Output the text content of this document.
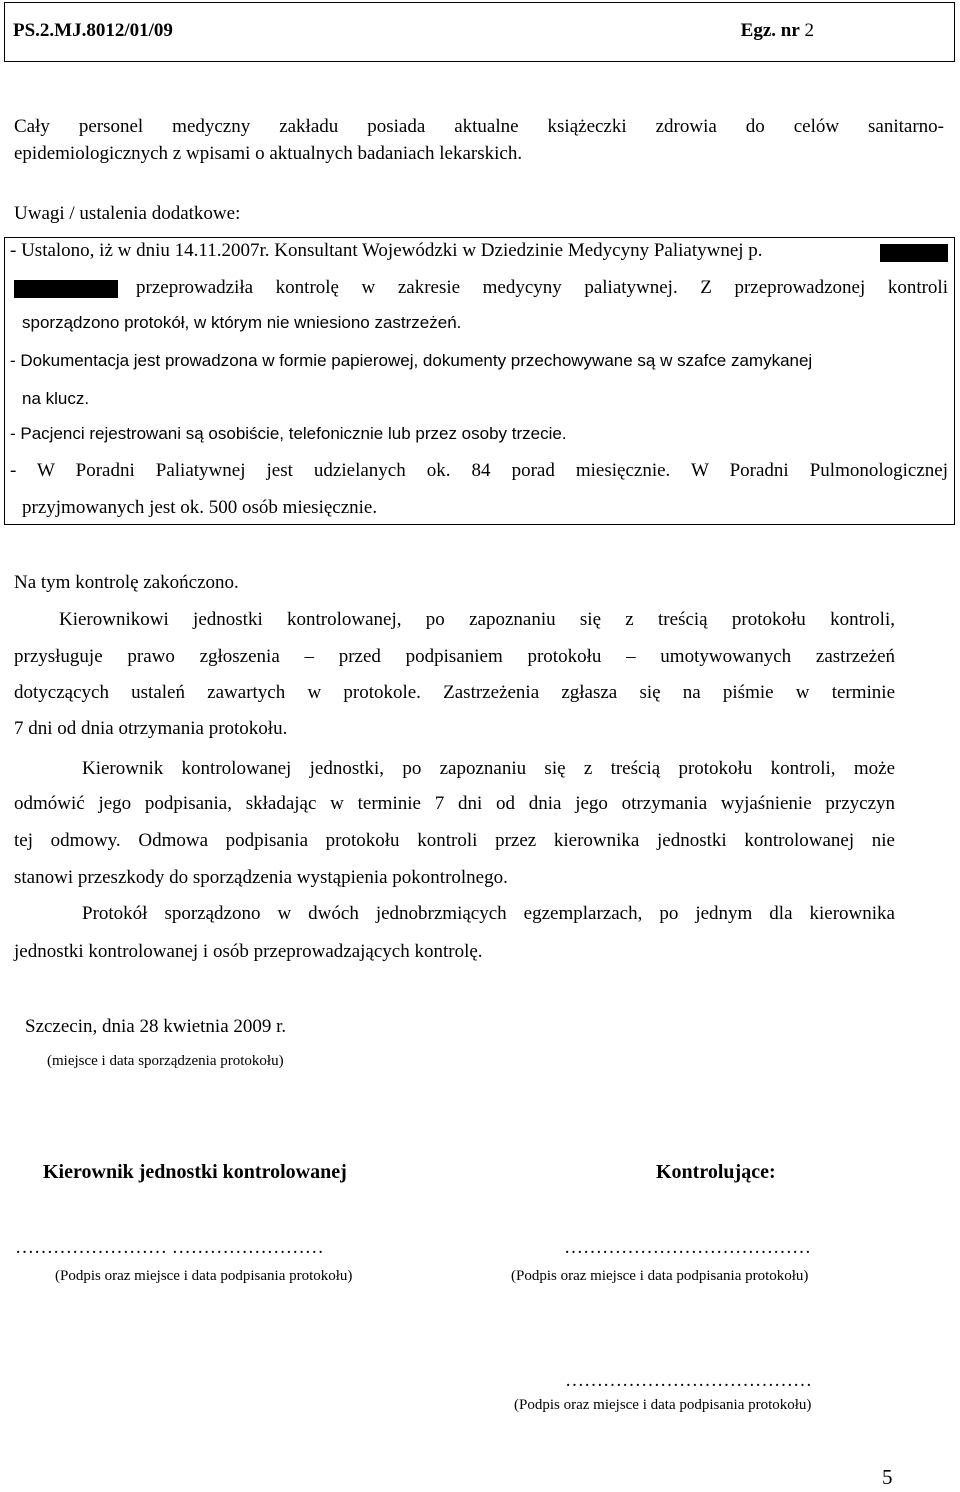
PS.2.MJ.8012/01/09	Egz. nr 2
Cały personel medyczny zakładu posiada aktualne książeczki zdrowia do celów sanitarno-
epidemiologicznych z wpisami o aktualnych badaniach lekarskich.
Uwagi / ustalenia dodatkowe:
- Ustalono, iż w dniu 14.11.2007r. Konsultant Wojewódzki w Dziedzinie Medycyny Paliatywnej p.
przeprowadziła kontrolę w zakresie medycyny paliatywnej. Z przeprowadzonej kontroli
sporządzono protokół, w którym nie wniesiono zastrzeżeń.
- Dokumentacja jest prowadzona w formie papierowej, dokumenty przechowywane są w szafce zamykanej
na klucz.
- Pacjenci rejestrowani są osobiście, telefonicznie lub przez osoby trzecie.
- W Poradni Paliatywnej jest udzielanych ok. 84 porad miesięcznie. W Poradni Pulmonologicznej
przyjmowanych jest ok. 500 osób miesięcznie.
Na tym kontrolę zakończono.
Kierownikowi jednostki kontrolowanej, po zapoznaniu się z treścią protokołu kontroli,
przysługuje prawo zgłoszenia – przed podpisaniem protokołu – umotywowanych zastrzeżeń
dotyczących ustaleń zawartych w protokole. Zastrzeżenia zgłasza się na piśmie w terminie
7 dni od dnia otrzymania protokołu.
Kierownik kontrolowanej jednostki, po zapoznaniu się z treścią protokołu kontroli, może
odmówić jego podpisania, składając w terminie 7 dni od dnia jego otrzymania wyjaśnienie przyczyn
tej odmowy. Odmowa podpisania protokołu kontroli przez kierownika jednostki kontrolowanej nie
stanowi przeszkody do sporządzenia wystąpienia pokontrolnego.
Protokół sporządzono w dwóch jednobrzmiących egzemplarzach, po jednym dla kierownika
jednostki kontrolowanej i osób przeprowadzających kontrolę.
Szczecin, dnia 28 kwietnia 2009 r.
(miejsce i data sporządzenia protokołu)
Kierownik jednostki kontrolowanej	Kontrolujące:
…………………… ……………………	…………………………………
(Podpis oraz miejsce i data podpisania protokołu)	(Podpis oraz miejsce i data podpisania protokołu)
…………………………………
(Podpis oraz miejsce i data podpisania protokołu)
5
